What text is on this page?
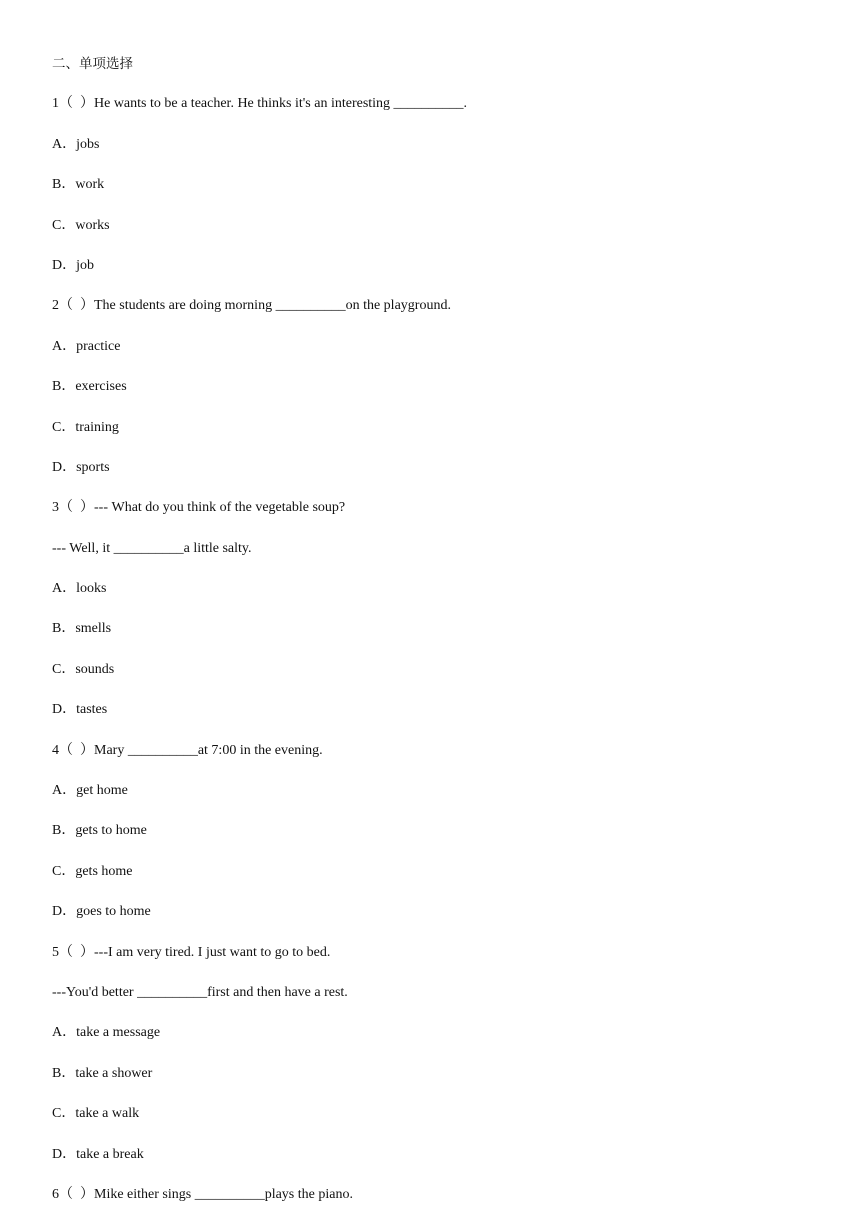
二、单项选择
1（  ）He wants to be a teacher. He thinks it's an interesting __________.
A．jobs
B．work
C．works
D．job
2（  ）The students are doing morning __________on the playground.
A．practice
B．exercises
C．training
D．sports
3（  ）--- What do you think of the vegetable soup?
--- Well, it __________a little salty.
A．looks
B．smells
C．sounds
D．tastes
4（  ）Mary __________at 7:00 in the evening.
A．get home
B．gets to home
C．gets home
D．goes to home
5（  ）---I am very tired. I just want to go to bed.
---You'd better __________first and then have a rest.
A．take a message
B．take a shower
C．take a walk
D．take a break
6（  ）Mike either sings __________plays the piano.
